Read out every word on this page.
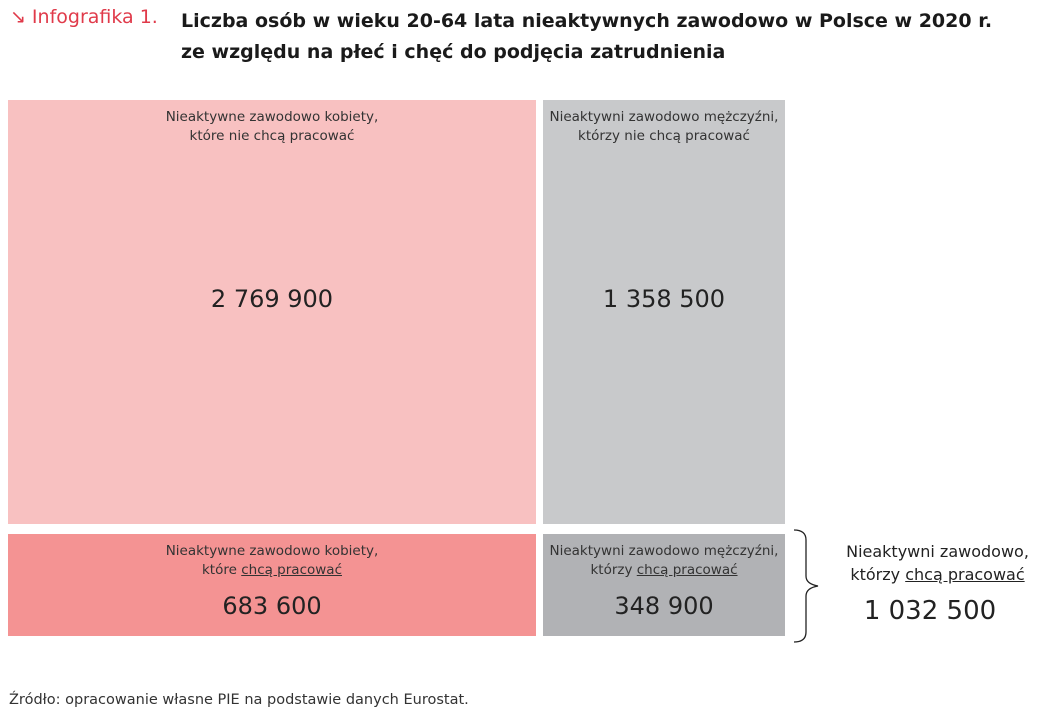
↘ Infografika 1. Liczba osób w wieku 20-64 lata nieaktywnych zawodowo w Polsce w 2020 r.
ze względu na płeć i chęć do podjęcia zatrudnienia
Nieaktywne zawodowo kobiety,
które nie chcą pracować
2 769 900
Nieaktywni zawodowo mężczyźni,
którzy nie chcą pracować
1 358 500
Nieaktywne zawodowo kobiety,
które chcą pracować
683 600
Nieaktywni zawodowo mężczyźni,
którzy chcą pracować
348 900
Nieaktywni zawodowo,
którzy chcą pracować
1 032 500
Źródło: opracowanie własne PIE na podstawie danych Eurostat.
